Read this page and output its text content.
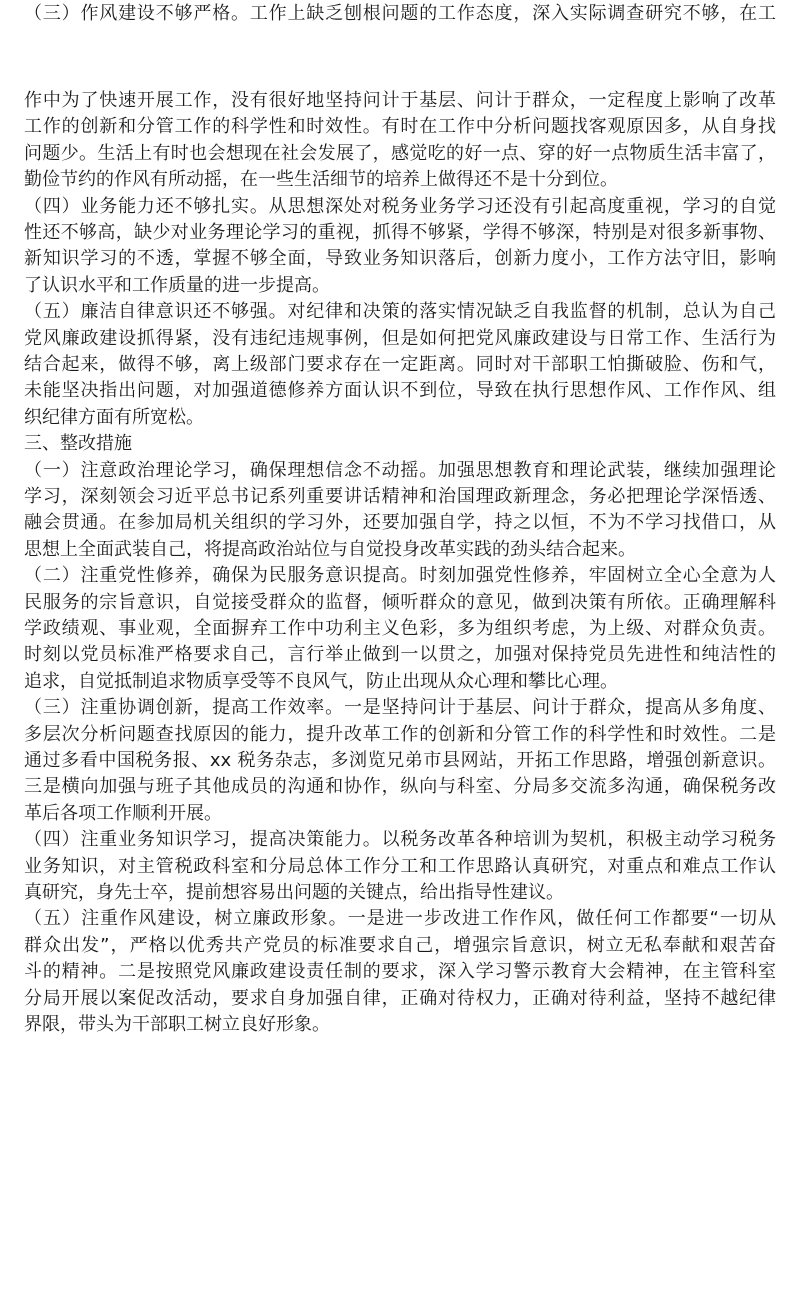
（三）作风建设不够严格。工作上缺乏刨根问题的工作态度，深入实际调查研究不够，在工
作中为了快速开展工作，没有很好地坚持问计于基层、问计于群众，一定程度上影响了改革
工作的创新和分管工作的科学性和时效性。有时在工作中分析问题找客观原因多，从自身找
问题少。生活上有时也会想现在社会发展了，感觉吃的好一点、穿的好一点物质生活丰富了，
勤俭节约的作风有所动摇，在一些生活细节的培养上做得还不是十分到位。
（四）业务能力还不够扎实。从思想深处对税务业务学习还没有引起高度重视，学习的自觉
性还不够高，缺少对业务理论学习的重视，抓得不够紧，学得不够深，特别是对很多新事物、
新知识学习的不透，掌握不够全面，导致业务知识落后，创新力度小，工作方法守旧，影响
了认识水平和工作质量的进一步提高。
（五）廉洁自律意识还不够强。对纪律和决策的落实情况缺乏自我监督的机制，总认为自己
党风廉政建设抓得紧，没有违纪违规事例，但是如何把党风廉政建设与日常工作、生活行为
结合起来，做得不够，离上级部门要求存在一定距离。同时对干部职工怕撕破脸、伤和气，
未能坚决指出问题，对加强道德修养方面认识不到位，导致在执行思想作风、工作作风、组
织纪律方面有所宽松。
三、整改措施
（一）注意政治理论学习，确保理想信念不动摇。加强思想教育和理论武装，继续加强理论
学习，深刻领会习近平总书记系列重要讲话精神和治国理政新理念，务必把理论学深悟透、
融会贯通。在参加局机关组织的学习外，还要加强自学，持之以恒，不为不学习找借口，从
思想上全面武装自己，将提高政治站位与自觉投身改革实践的劲头结合起来。
（二）注重党性修养，确保为民服务意识提高。时刻加强党性修养，牢固树立全心全意为人
民服务的宗旨意识，自觉接受群众的监督，倾听群众的意见，做到决策有所依。正确理解科
学政绩观、事业观，全面摒弃工作中功利主义色彩，多为组织考虑，为上级、对群众负责。
时刻以党员标准严格要求自己，言行举止做到一以贯之，加强对保持党员先进性和纯洁性的
追求，自觉抵制追求物质享受等不良风气，防止出现从众心理和攀比心理。
（三）注重协调创新，提高工作效率。一是坚持问计于基层、问计于群众，提高从多角度、
多层次分析问题查找原因的能力，提升改革工作的创新和分管工作的科学性和时效性。二是
通过多看中国税务报、xx 税务杂志，多浏览兄弟市县网站，开拓工作思路，增强创新意识。
三是横向加强与班子其他成员的沟通和协作，纵向与科室、分局多交流多沟通，确保税务改
革后各项工作顺利开展。
（四）注重业务知识学习，提高决策能力。以税务改革各种培训为契机，积极主动学习税务
业务知识，对主管税政科室和分局总体工作分工和工作思路认真研究，对重点和难点工作认
真研究，身先士卒，提前想容易出问题的关键点，给出指导性建议。
（五）注重作风建设，树立廉政形象。一是进一步改进工作作风，做任何工作都要“一切从
群众出发”，严格以优秀共产党员的标准要求自己，增强宗旨意识，树立无私奉献和艰苦奋
斗的精神。二是按照党风廉政建设责任制的要求，深入学习警示教育大会精神，在主管科室
分局开展以案促改活动，要求自身加强自律，正确对待权力，正确对待利益，坚持不越纪律
界限，带头为干部职工树立良好形象。
